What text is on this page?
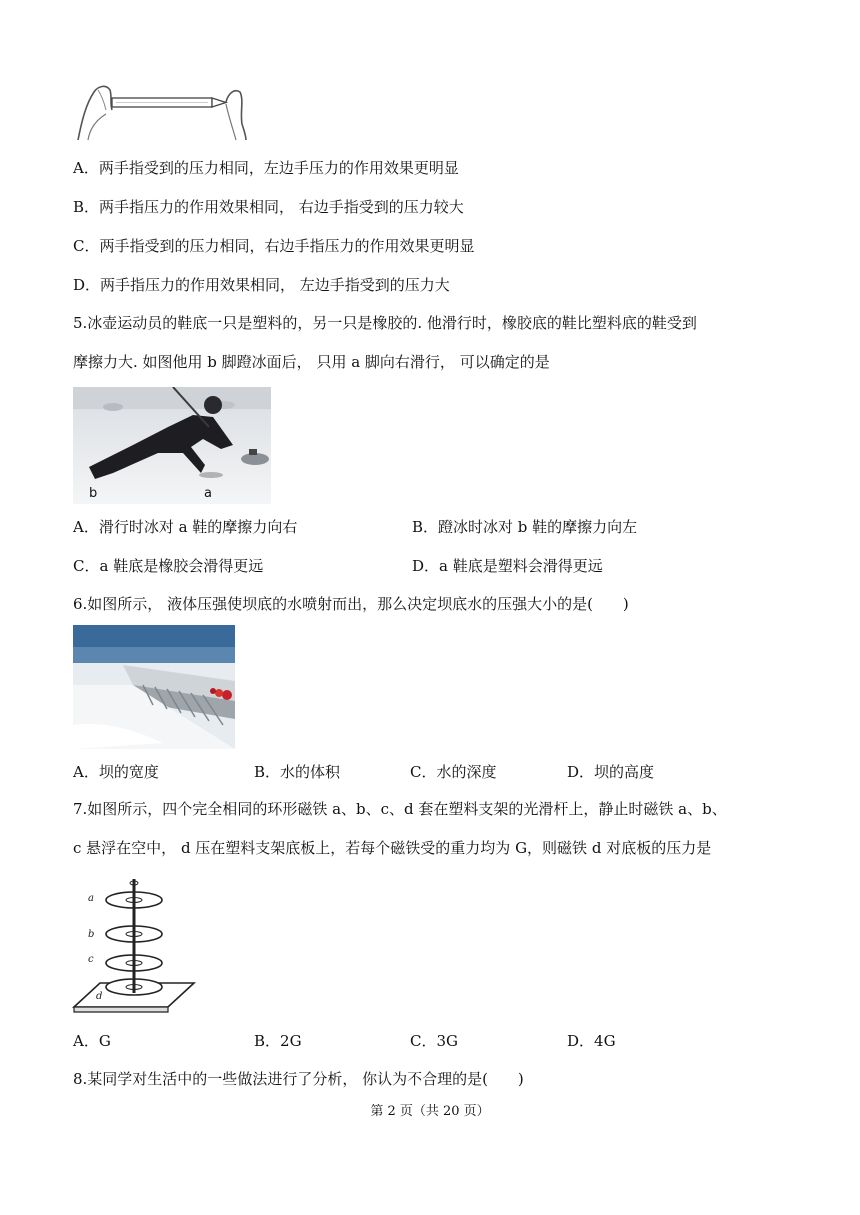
A．两手指受到的压力相同，左边手压力的作用效果更明显
B．两手指压力的作用效果相同， 右边手指受到的压力较大
C．两手指受到的压力相同，右边手指压力的作用效果更明显
D．两手指压力的作用效果相同， 左边手指受到的压力大
5.冰壶运动员的鞋底一只是塑料的，另一只是橡胶的. 他滑行时，橡胶底的鞋比塑料底的鞋受到
摩擦力大. 如图他用 b 脚蹬冰面后， 只用 a 脚向右滑行， 可以确定的是
b	a
A．滑行时冰对 a 鞋的摩擦力向右	B．蹬冰时冰对 b 鞋的摩擦力向左
C．a 鞋底是橡胶会滑得更远	D．a 鞋底是塑料会滑得更远
6.如图所示， 液体压强使坝底的水喷射而出，那么决定坝底水的压强大小的是(　　)
A．坝的宽度	B．水的体积	C．水的深度	D．坝的高度
7.如图所示，四个完全相同的环形磁铁 a、b、c、d 套在塑料支架的光滑杆上，静止时磁铁 a、b、
c 悬浮在空中， d 压在塑料支架底板上，若每个磁铁受的重力均为 G，则磁铁 d 对底板的压力是
a
b
c
d
A．G	B．2G	C．3G	D．4G
8.某同学对生活中的一些做法进行了分析， 你认为不合理的是(　　)
第 2 页（共 20 页）
